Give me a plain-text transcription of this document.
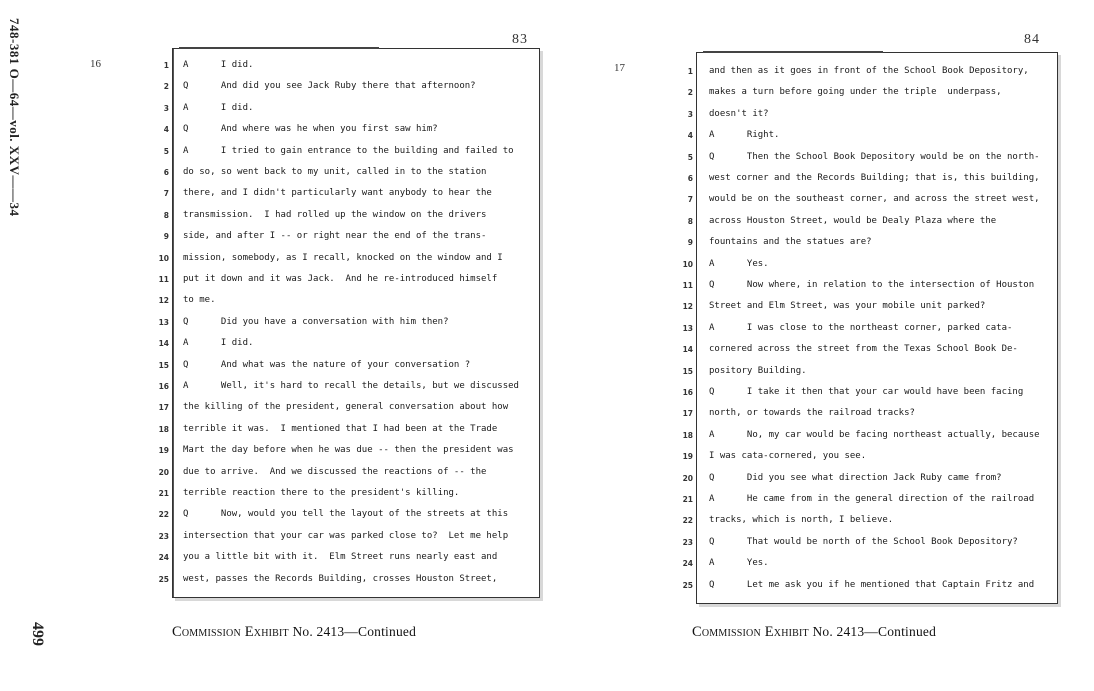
748-381 O—64—vol. XXV——34
499
16
83
1 A      I did.
2 Q      And did you see Jack Ruby there that afternoon?
3 A      I did.
4 Q      And where was he when you first saw him?
5 A      I tried to gain entrance to the building and failed to
6 do so, so went back to my unit, called in to the station
7 there, and I didn't particularly want anybody to hear the
8 transmission.  I had rolled up the window on the drivers
9 side, and after I -- or right near the end of the trans-
10 mission, somebody, as I recall, knocked on the window and I
11 put it down and it was Jack.  And he re-introduced himself
12 to me.
13 Q      Did you have a conversation with him then?
14 A      I did.
15 Q      And what was the nature of your conversation ?
16 A      Well, it's hard to recall the details, but we discussed
17 the killing of the president, general conversation about how
18 terrible it was.  I mentioned that I had been at the Trade
19 Mart the day before when he was due -- then the president was
20 due to arrive.  And we discussed the reactions of -- the
21 terrible reaction there to the president's killing.
22 Q      Now, would you tell the layout of the streets at this
23 intersection that your car was parked close to?  Let me help
24 you a little bit with it.  Elm Street runs nearly east and
25 west, passes the Records Building, crosses Houston Street,
Commission Exhibit No. 2413—Continued
17
84
1 and then as it goes in front of the School Book Depository,
2 makes a turn before going under the triple  underpass,
3 doesn't it?
4 A      Right.
5 Q      Then the School Book Depository would be on the north-
6 west corner and the Records Building; that is, this building,
7 would be on the southeast corner, and across the street west,
8 across Houston Street, would be Dealy Plaza where the
9 fountains and the statues are?
10 A      Yes.
11 Q      Now where, in relation to the intersection of Houston
12 Street and Elm Street, was your mobile unit parked?
13 A      I was close to the northeast corner, parked cata-
14 cornered across the street from the Texas School Book De-
15 pository Building.
16 Q      I take it then that your car would have been facing
17 north, or towards the railroad tracks?
18 A      No, my car would be facing northeast actually, because
19 I was cata-cornered, you see.
20 Q      Did you see what direction Jack Ruby came from?
21 A      He came from in the general direction of the railroad
22 tracks, which is north, I believe.
23 Q      That would be north of the School Book Depository?
24 A      Yes.
25 Q      Let me ask you if he mentioned that Captain Fritz and
Commission Exhibit No. 2413—Continued
